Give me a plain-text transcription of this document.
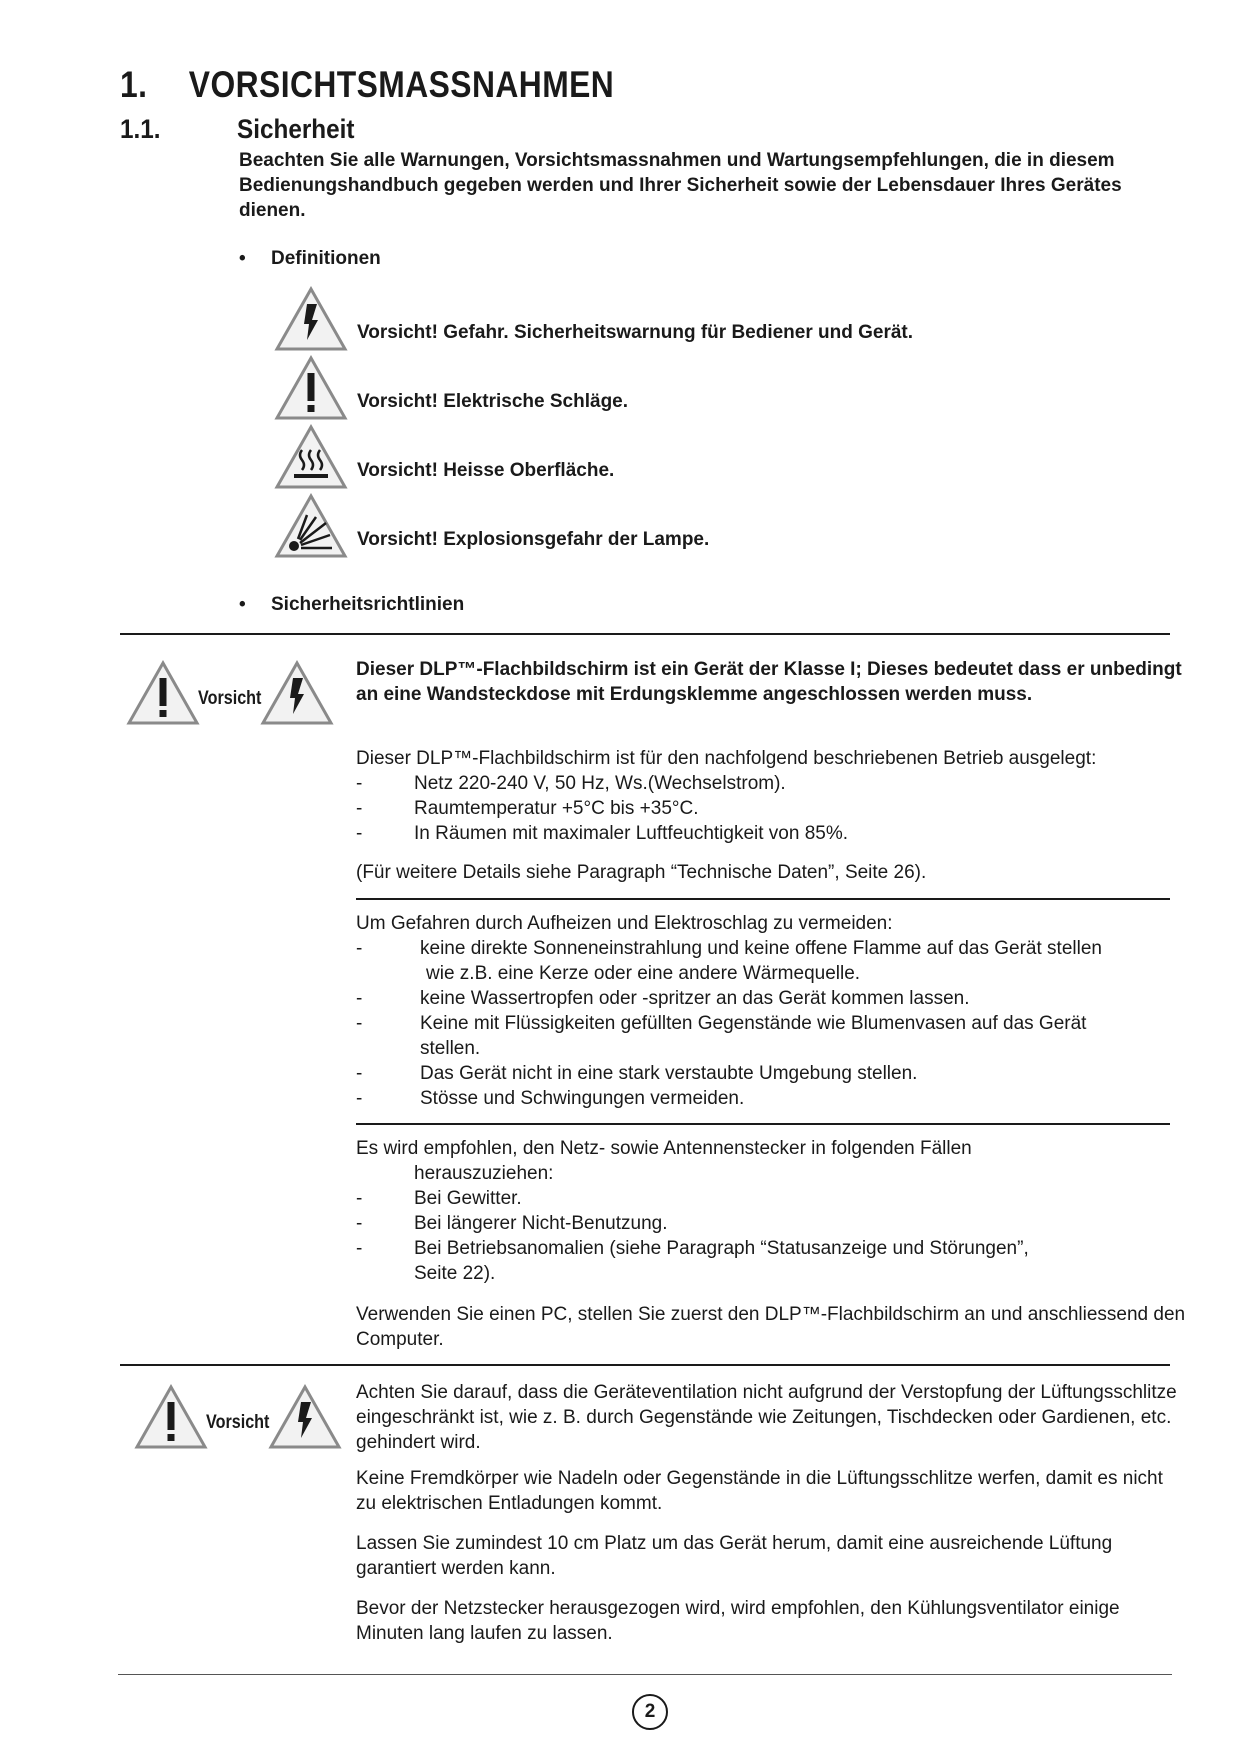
1. VORSICHTSMASSNAHMEN
1.1.	Sicherheit

Beachten Sie alle Warnungen, Vorsichtsmassnahmen und Wartungsempfehlungen, die in diesem Bedienungshandbuch gegeben werden und Ihrer Sicherheit sowie der Lebensdauer Ihres Gerätes dienen.

• Definitionen
Vorsicht! Gefahr. Sicherheitswarnung für Bediener und Gerät.
Vorsicht! Elektrische Schläge.
Vorsicht! Heisse Oberfläche.
Vorsicht! Explosionsgefahr der Lampe.
• Sicherheitsrichtlinien
Vorsicht

Dieser DLP™-Flachbildschirm ist ein Gerät der Klasse I; Dieses bedeutet dass er unbedingt an eine Wandsteckdose mit Erdungsklemme angeschlossen werden muss.

Dieser DLP™-Flachbildschirm ist für den nachfolgend beschriebenen Betrieb ausgelegt:

-	Netz 220-240 V, 50 Hz, Ws.(Wechselstrom).
-	Raumtemperatur +5°C bis +35°C.
-	In Räumen mit maximaler Luftfeuchtigkeit von 85%.

(Für weitere Details siehe Paragraph “Technische Daten”, Seite 26).

Um Gefahren durch Aufheizen und Elektroschlag zu vermeiden:

-	keine direkte Sonneneinstrahlung und keine offene Flamme auf das Gerät stellen
wie z.B. eine Kerze oder eine andere Wärmequelle.
-	keine Wassertropfen oder -spritzer an das Gerät kommen lassen.
-	Keine mit Flüssigkeiten gefüllten Gegenstände wie Blumenvasen auf das Gerät
stellen.
-	Das Gerät nicht in eine stark verstaubte Umgebung stellen.
-	Stösse und Schwingungen vermeiden.

Es wird empfohlen, den Netz- sowie Antennenstecker in folgenden Fällen

herauszuziehen:
-	Bei Gewitter.
-	Bei längerer Nicht-Benutzung.
-	Bei Betriebsanomalien (siehe Paragraph “Statusanzeige und Störungen”,
Seite 22).

Verwenden Sie einen PC, stellen Sie zuerst den DLP™-Flachbildschirm an und anschliessend den Computer.

Vorsicht

Achten Sie darauf, dass die Geräteventilation nicht aufgrund der Verstopfung der Lüftungsschlitze eingeschränkt ist, wie z. B. durch Gegenstände wie Zeitungen, Tischdecken oder Gardienen, etc. gehindert wird.

Keine Fremdkörper wie Nadeln oder Gegenstände in die Lüftungsschlitze werfen, damit es nicht zu elektrischen Entladungen kommt.

Lassen Sie zumindest 10 cm Platz um das Gerät herum, damit eine ausreichende Lüftung garantiert werden kann.

Bevor der Netzstecker herausgezogen wird, wird empfohlen, den Kühlungsventilator einige Minuten lang laufen zu lassen.

2
